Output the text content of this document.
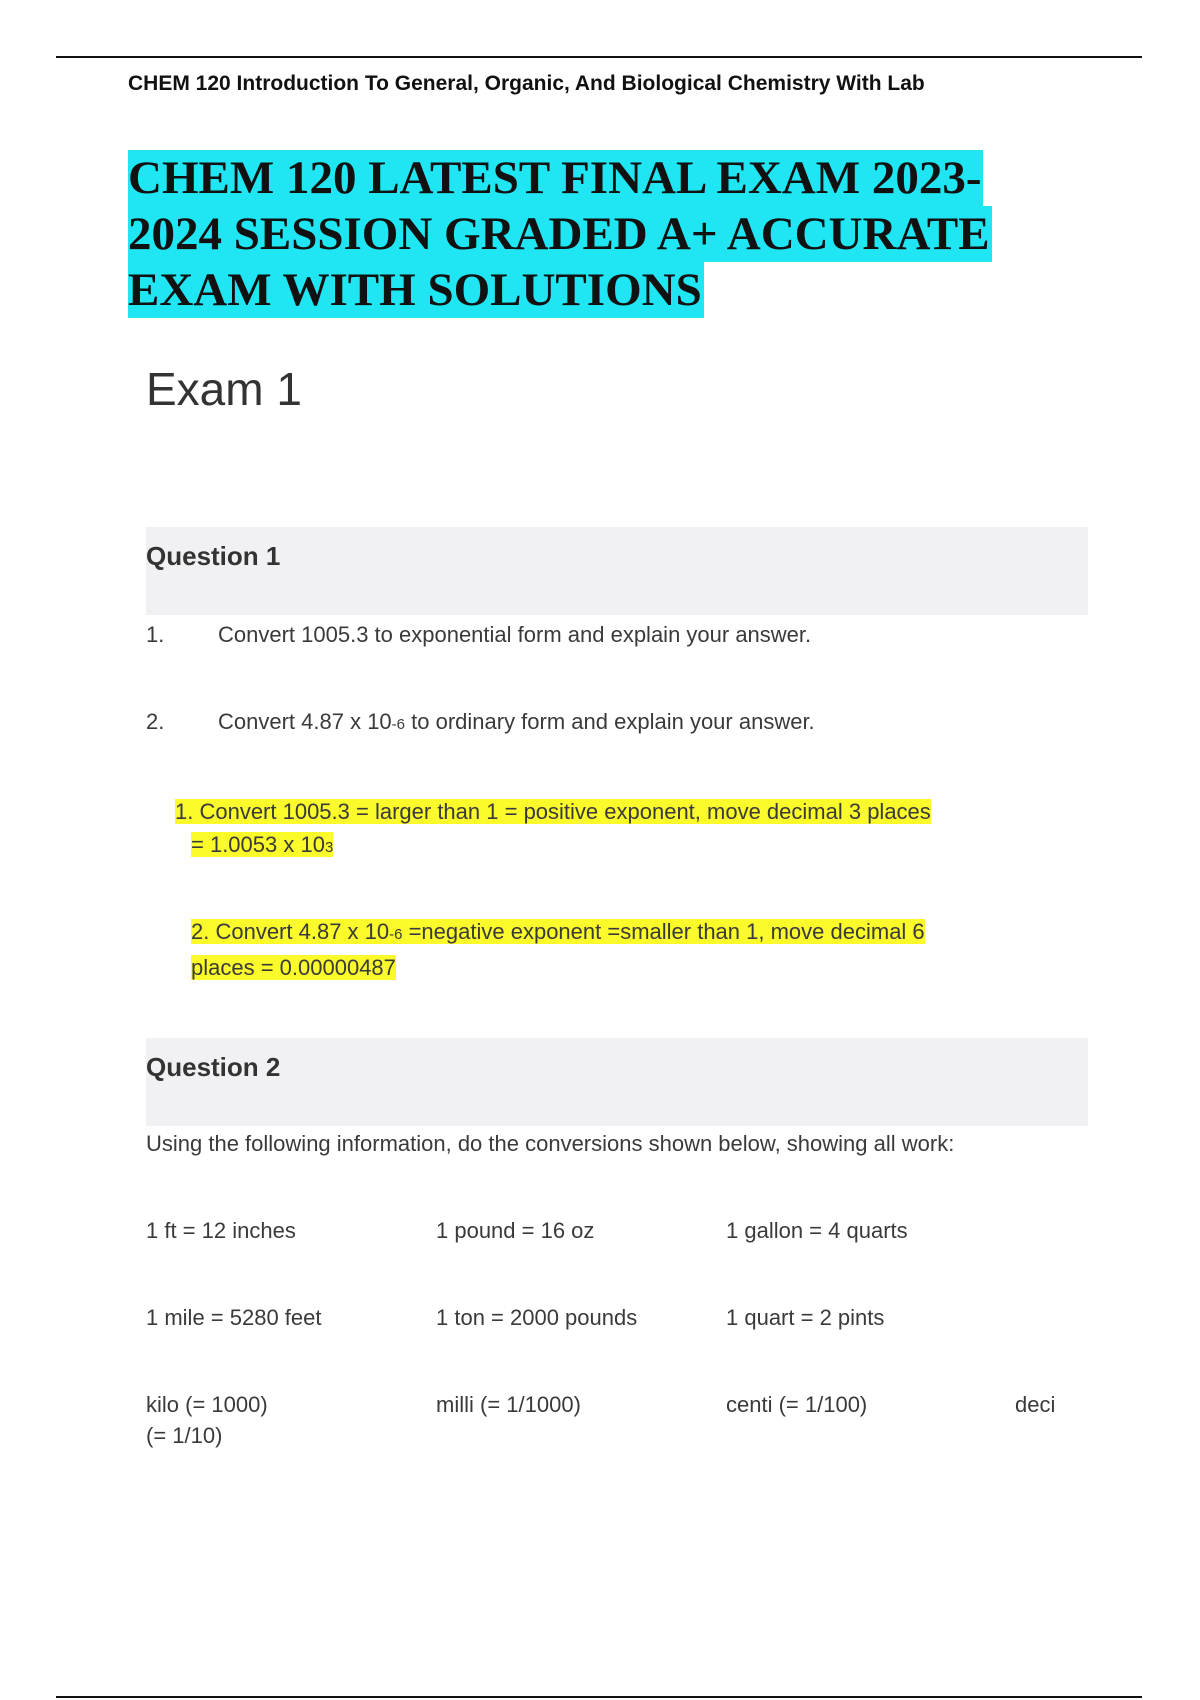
CHEM 120 Introduction To General, Organic, And Biological Chemistry With Lab
CHEM 120 LATEST FINAL EXAM 2023-
2024 SESSION GRADED A+ ACCURATE
EXAM WITH SOLUTIONS
Exam 1
Question 1
1. Convert 1005.3 to exponential form and explain your answer.
2. Convert 4.87 x 10-6 to ordinary form and explain your answer.
1. Convert 1005.3 = larger than 1 = positive exponent, move decimal 3 places
= 1.0053 x 103
2. Convert 4.87 x 10-6 =negative exponent =smaller than 1, move decimal 6
places = 0.00000487
Question 2
Using the following information, do the conversions shown below, showing all work:
1 ft = 12 inches	1 pound = 16 oz	1 gallon = 4 quarts
1 mile = 5280 feet	1 ton = 2000 pounds	1 quart = 2 pints
kilo (= 1000)	milli (= 1/1000)	centi (= 1/100)	deci
(= 1/10)
